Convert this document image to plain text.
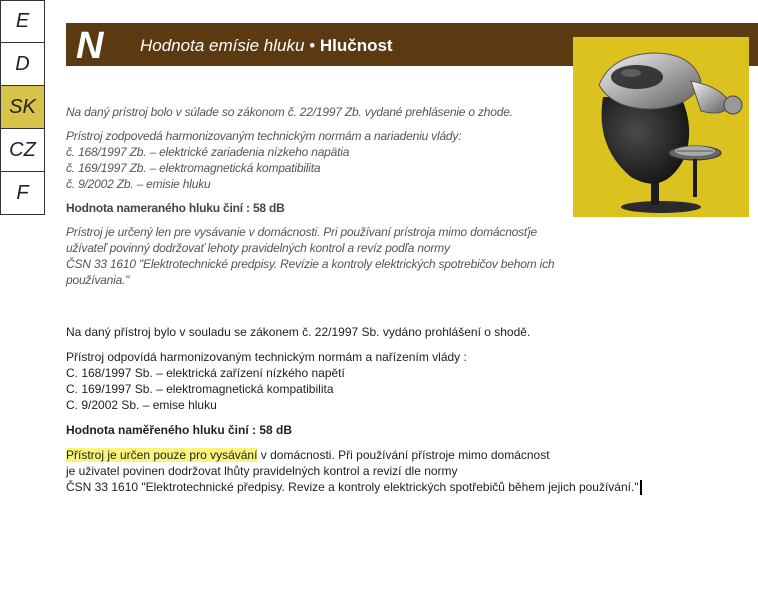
E
D
SK
CZ
F
N Hodnota emísie hluku • Hlučnost

Na daný prístroj bolo v súlade so zákonom č. 22/1997 Zb. vydané prehlásenie o zhode.

Prístroj zodpovedá harmonizovaným technickým normám a nariadeniu vlády:
č. 168/1997 Zb. – elektrické zariadenia nízkeho napätia
č. 169/1997 Zb. – elektromagnetická kompatibilita
č. 9/2002 Zb. – emisie hluku

Hodnota nameraného hluku činí : 58 dB

Prístroj je určený len pre vysávanie v domácnosti. Pri používaní prístroja mimo domácnosťje
užívateľ povinný dodržovať lehoty pravidelných kontrol a revíz podľa normy
ČSN 33 1610 "Elektrotechnické predpisy. Revízie a kontroly elektrických spotrebičov behom ich používania."

Na daný přístroj bylo v souladu se zákonem č. 22/1997 Sb. vydáno prohlášení o shodě.

Přístroj odpovídá harmonizovaným technickým normám a nařízením vlády :
C. 168/1997 Sb. – elektrická zařízení nízkého napětí
C. 169/1997 Sb. – elektromagnetická kompatibilita
C. 9/2002 Sb. – emise hluku

Hodnota naměřeného hluku činí : 58 dB

Přístroj je určen pouze pro vysávání v domácnosti. Při používání přístroje mimo domácnost
je uživatel povinen dodržovat lhůty pravidelných kontrol a revizí dle normy
ČSN 33 1610 "Elektrotechnické předpisy. Revize a kontroly elektrických spotřebičů během jejich používání."
